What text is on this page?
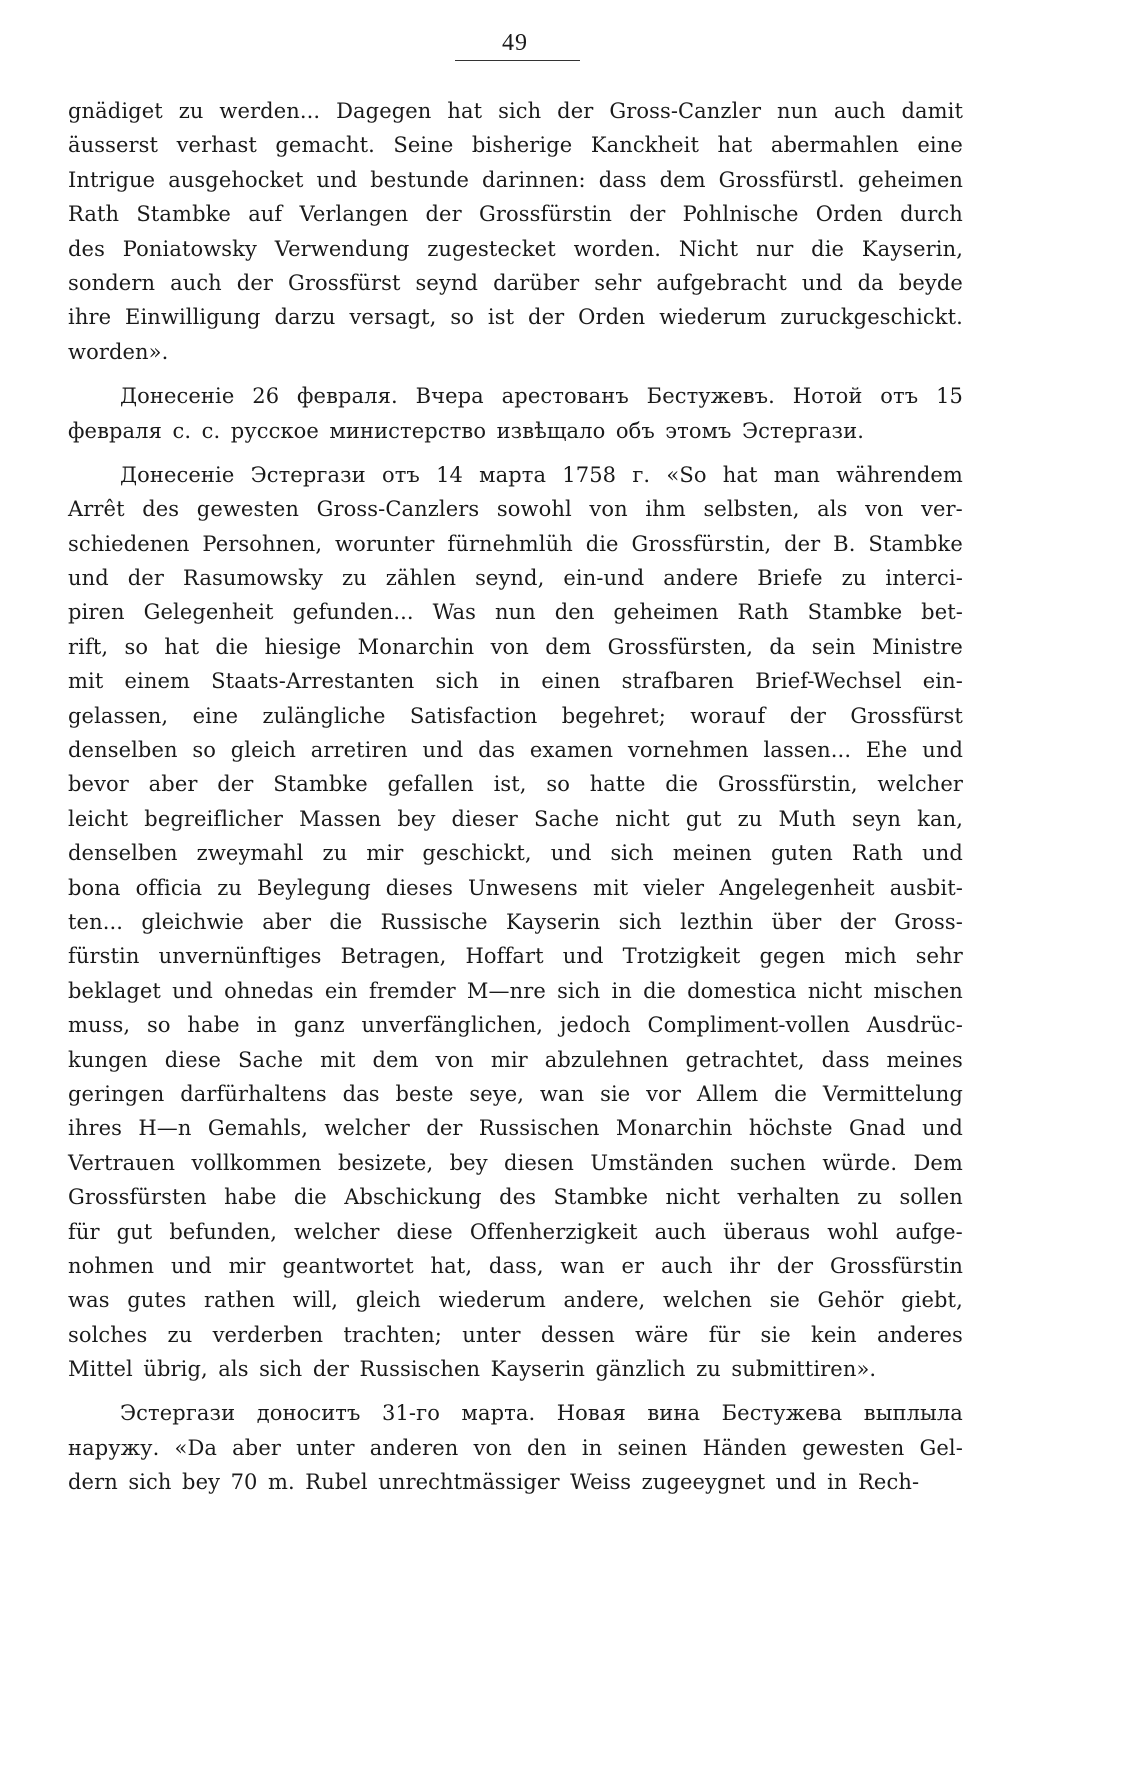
49
gnädiget zu werden... Dagegen hat sich der Gross-Canzler nun auch damit
äusserst verhast gemacht. Seine bisherige Kanckheit hat abermahlen eine
Intrigue ausgehocket und bestunde darinnen: dass dem Grossfürstl. geheimen
Rath Stambke auf Verlangen der Grossfürstin der Pohlnische Orden durch
des Poniatowsky Verwendung zugestecket worden. Nicht nur die Kayserin,
sondern auch der Grossfürst seynd darüber sehr aufgebracht und da beyde
ihre Einwilligung darzu versagt, so ist der Orden wiederum zuruckgeschickt.
worden».
Донесеніе 26 февраля. Вчера арестованъ Бестужевъ. Нотой отъ 15
февраля с. с. русское министерство извѣщало объ этомъ Эстергази.
Донесеніе Эстергази отъ 14 марта 1758 г. «So hat man währendem
Arrêt des gewesten Gross-Canzlers sowohl von ihm selbsten, als von ver-
schiedenen Persohnen, worunter fürnehmlüh die Grossfürstin, der B. Stambke
und der Rasumowsky zu zählen seynd, ein-und andere Briefe zu interci-
piren Gelegenheit gefunden... Was nun den geheimen Rath Stambke bet-
rift, so hat die hiesige Monarchin von dem Grossfürsten, da sein Ministre
mit einem Staats-Arrestanten sich in einen strafbaren Brief-Wechsel ein-
gelassen, eine zulängliche Satisfaction begehret; worauf der Grossfürst
denselben so gleich arretiren und das examen vornehmen lassen... Ehe und
bevor aber der Stambke gefallen ist, so hatte die Grossfürstin, welcher
leicht begreiflicher Massen bey dieser Sache nicht gut zu Muth seyn kan,
denselben zweymahl zu mir geschickt, und sich meinen guten Rath und
bona officia zu Beylegung dieses Unwesens mit vieler Angelegenheit ausbit-
ten... gleichwie aber die Russische Kayserin sich lezthin über der Gross-
fürstin unvernünftiges Betragen, Hoffart und Trotzigkeit gegen mich sehr
beklaget und ohnedas ein fremder M—nre sich in die domestica nicht mischen
muss, so habe in ganz unverfänglichen, jedoch Compliment-vollen Ausdrüc-
kungen diese Sache mit dem von mir abzulehnen getrachtet, dass meines
geringen darfürhaltens das beste seye, wan sie vor Allem die Vermittelung
ihres H—n Gemahls, welcher der Russischen Monarchin höchste Gnad und
Vertrauen vollkommen besizete, bey diesen Umständen suchen würde. Dem
Grossfürsten habe die Abschickung des Stambke nicht verhalten zu sollen
für gut befunden, welcher diese Offenherzigkeit auch überaus wohl aufge-
nohmen und mir geantwortet hat, dass, wan er auch ihr der Grossfürstin
was gutes rathen will, gleich wiederum andere, welchen sie Gehör giebt,
solches zu verderben trachten; unter dessen wäre für sie kein anderes
Mittel übrig, als sich der Russischen Kayserin gänzlich zu submittiren».
Эстергази доноситъ 31-го марта. Новая вина Бестужева выплыла
наружу. «Da aber unter anderen von den in seinen Händen gewesten Gel-
dern sich bey 70 m. Rubel unrechtmässiger Weiss zugeeygnet und in Rech-
